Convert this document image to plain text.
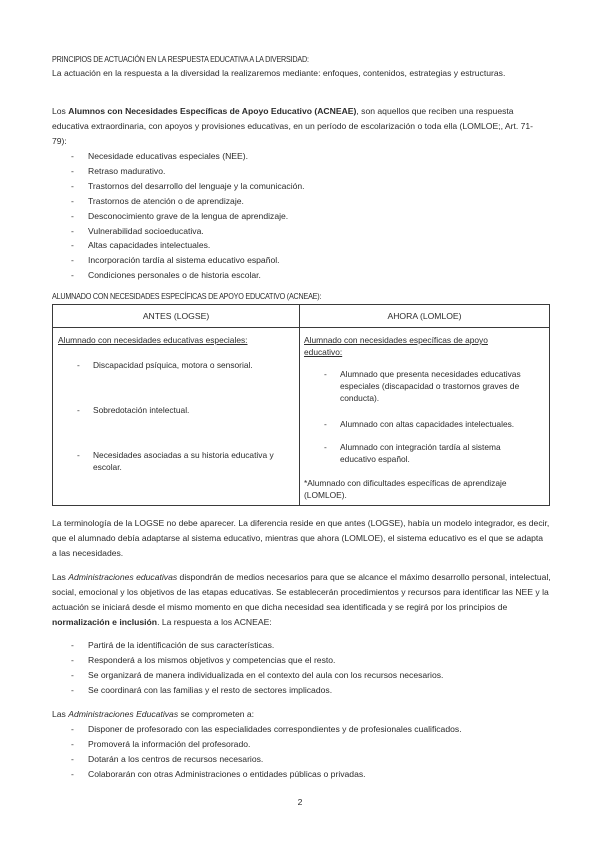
PRINCIPIOS DE ACTUACIÓN EN LA RESPUESTA EDUCATIVA A LA DIVERSIDAD:
La actuación en la respuesta a la diversidad la realizaremos mediante: enfoques, contenidos, estrategias y estructuras.
Los Alumnos con Necesidades Específicas de Apoyo Educativo (ACNEAE), son aquellos que reciben una respuesta educativa extraordinaria, con apoyos y provisiones educativas, en un período de escolarización o toda ella (LOMLOE;, Art. 71-79):
- Necesidade educativas especiales (NEE).
- Retraso madurativo.
- Trastornos del desarrollo del lenguaje y la comunicación.
- Trastornos de atención o de aprendizaje.
- Desconocimiento grave de la lengua de aprendizaje.
- Vulnerabilidad socioeducativa.
- Altas capacidades intelectuales.
- Incorporación tardía al sistema educativo español.
- Condiciones personales o de historia escolar.
ALUMNADO CON NECESIDADES ESPECÍFICAS DE APOYO EDUCATIVO (ACNEAE):
ANTES (LOGSE)	AHORA (LOMLOE)
Alumnado con necesidades educativas especiales:
- Discapacidad psíquica, motora o sensorial.
- Sobredotación intelectual.
- Necesidades asociadas a su historia educativa y escolar.
Alumnado con necesidades específicas de apoyo educativo:
- Alumnado que presenta necesidades educativas especiales (discapacidad o trastornos graves de conducta).
- Alumnado con altas capacidades intelectuales.
- Alumnado con integración tardía al sistema educativo español.
*Alumnado con dificultades específicas de aprendizaje (LOMLOE).
La terminología de la LOGSE no debe aparecer. La diferencia reside en que antes (LOGSE), había un modelo integrador, es decir, que el alumnado debía adaptarse al sistema educativo, mientras que ahora (LOMLOE), el sistema educativo es el que se adapta a las necesidades.
Las Administraciones educativas dispondrán de medios necesarios para que se alcance el máximo desarrollo personal, intelectual, social, emocional y los objetivos de las etapas educativas. Se establecerán procedimientos y recursos para identificar las NEE y la actuación se iniciará desde el mismo momento en que dicha necesidad sea identificada y se regirá por los principios de normalización e inclusión. La respuesta a los ACNEAE:
- Partirá de la identificación de sus características.
- Responderá a los mismos objetivos y competencias que el resto.
- Se organizará de manera individualizada en el contexto del aula con los recursos necesarios.
- Se coordinará con las familias y el resto de sectores implicados.
Las Administraciones Educativas se comprometen a:
- Disponer de profesorado con las especialidades correspondientes y de profesionales cualificados.
- Promoverá la información del profesorado.
- Dotarán a los centros de recursos necesarios.
- Colaborarán con otras Administraciones o entidades públicas o privadas.
2
